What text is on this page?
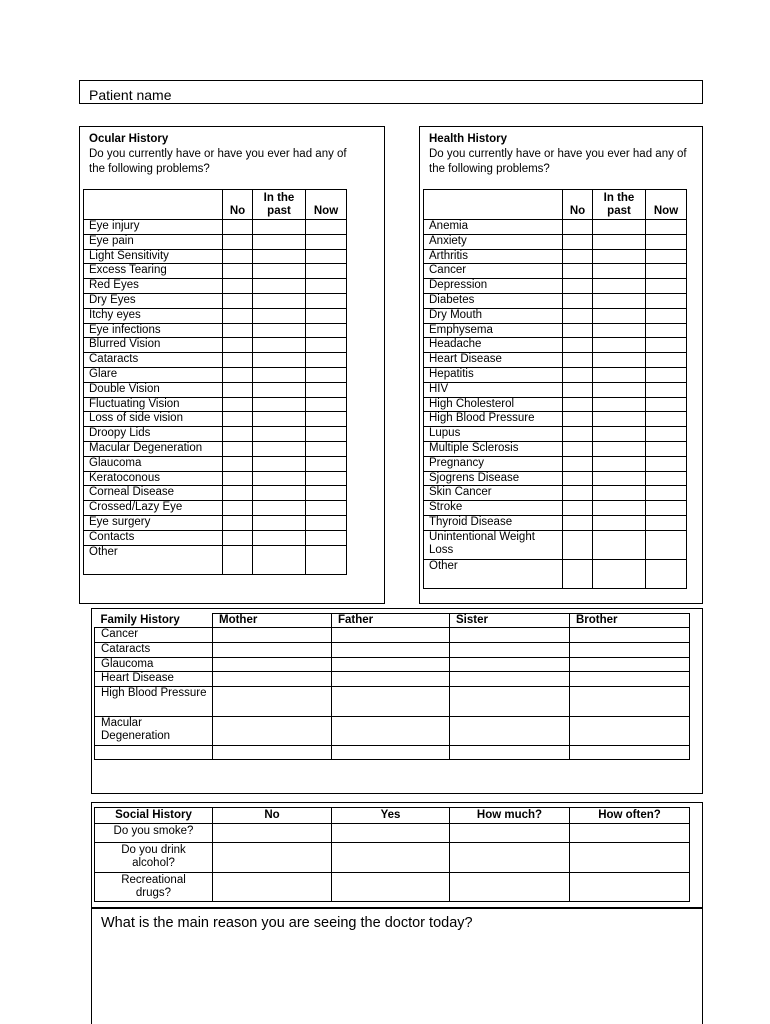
Patient name
Ocular History
Do you currently have or have you ever had any of the following problems?
	No	In the past	Now
Eye injury			
Eye pain			
Light Sensitivity			
Excess Tearing			
Red Eyes			
Dry Eyes			
Itchy eyes			
Eye infections			
Blurred Vision			
Cataracts			
Glare			
Double Vision			
Fluctuating Vision			
Loss of side vision			
Droopy Lids			
Macular Degeneration			
Glaucoma			
Keratoconous			
Corneal Disease			
Crossed/Lazy Eye			
Eye surgery			
Contacts			
Other			
Health History
Do you currently have or have you ever had any of the following problems?
	No	In the past	Now
Anemia			
Anxiety			
Arthritis			
Cancer			
Depression			
Diabetes			
Dry Mouth			
Emphysema			
Headache			
Heart Disease			
Hepatitis			
HIV			
High Cholesterol			
High Blood Pressure			
Lupus			
Multiple Sclerosis			
Pregnancy			
Sjogrens Disease			
Skin Cancer			
Stroke			
Thyroid Disease			
Unintentional Weight Loss			
Other			
Family History	Mother	Father	Sister	Brother
Cancer				
Cataracts				
Glaucoma				
Heart Disease				
High Blood Pressure				
Macular Degeneration				

Social History	No	Yes	How much?	How often?
Do you smoke?				
Do you drink alcohol?				
Recreational drugs?				
What is the main reason you are seeing the doctor today?
